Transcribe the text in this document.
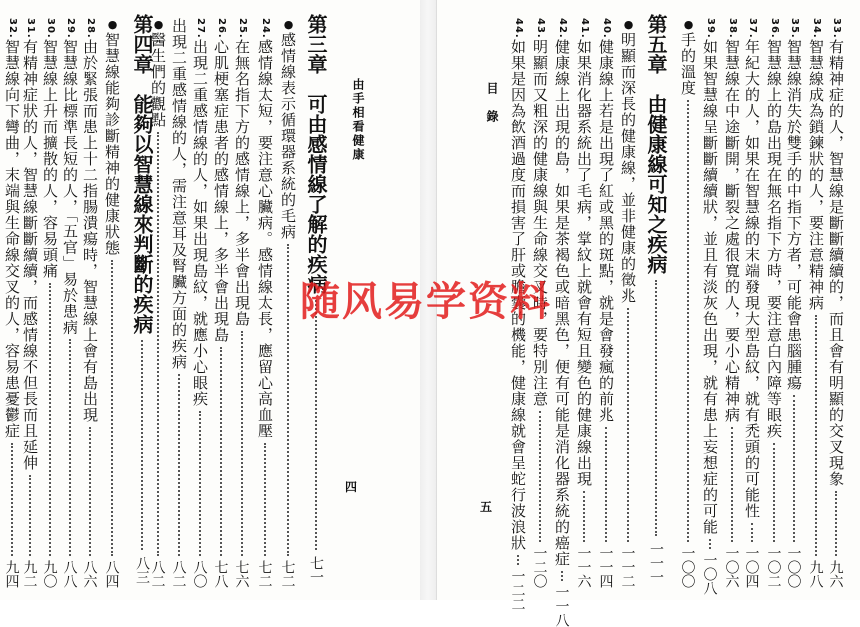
由手相看健康
四
目　錄
五
第三章　可由感情線了解的疾病
七一
●感情線表示循環器系統的毛病
七二
24.感情線太短，要注意心臟病。感情線太長，應留心高血壓
七二
25.在無名指下方的感情線上，多半會出現島
七六
26.心肌梗塞症患者的感情線上，多半會出現島
七八
27.出現二重感情線的人，如果出現島紋，就應小心眼疾
八〇
出現二重感情線的人，需注意耳及腎臟方面的疾病
八二
●醫生們的觀點
八二
第四章　能夠以智慧線來判斷的疾病
八三
●智慧線能夠診斷精神的健康狀態
八四
28.由於緊張而患上十二指腸潰瘍時，智慧線上會有島出現
八六
29.智慧線比標準長短的人，「五官」易於患病
八八
30.智慧線上升而擴散的人，容易頭痛
九〇
31.有精神症狀的人，智慧線斷斷續續，而感情線不但長而且延伸
九二
32.智慧線向下彎曲，末端與生命線交叉的人，容易患憂鬱症
九四
33.有精神症的人，智慧線是斷斷續續的，而且會有明顯的交叉現象
九六
34.智慧線成為鎖鍊狀的人，要注意精神病
九八
35.智慧線消失於雙手的中指下方者，可能會患腦腫瘍
一〇〇
36.智慧線上的島出現在無名指下方時，要注意白內障等眼疾
一〇二
37.年紀大的人，如果在智慧線的末端發現大型島紋，就有禿頭的可能性
一〇四
38.智慧線在中途斷開，斷裂之處很寬的人，要小心精神病
一〇六
39.如果智慧線呈斷斷續續狀，並且有淡灰色出現，就有患上妄想症的可能
一〇八
●手的溫度
一〇〇
第五章　由健康線可知之疾病
一一一
●明顯而深長的健康線，並非健康的徵兆
一一二
40.健康線上若是出現了紅或黑的斑點，就是會發瘋的前兆
一一四
41.如果消化器系統出了毛病，掌紋上就會有短且變色的健康線出現
一一六
42.健康線上出現的島，如果是茶褐色或暗黑色，便有可能是消化器系統的癌症
一一八
43.明顯而又粗深的健康線與生命線交叉時，要特別注意
一二〇
44.如果是因為飲酒過度而損害了肝或膽囊的機能，健康線就會呈蛇行波浪狀
一二二
随风易学资料
